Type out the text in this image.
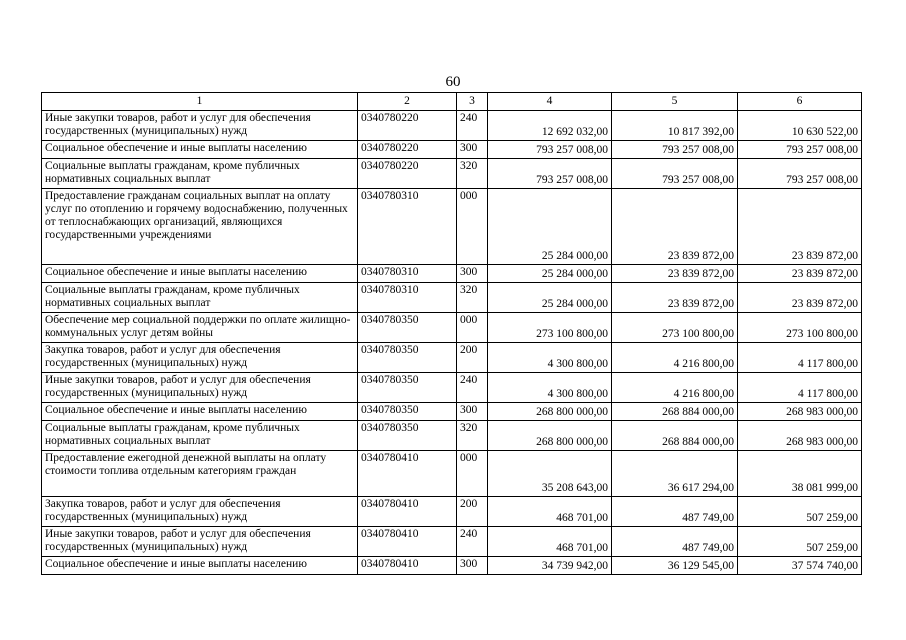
60
1	2	3	4	5	6
Иные закупки товаров, работ и услуг для обеспечения государственных (муниципальных) нужд	0340780220	240	12 692 032,00	10 817 392,00	10 630 522,00
Социальное обеспечение и иные выплаты населению	0340780220	300	793 257 008,00	793 257 008,00	793 257 008,00
Социальные выплаты гражданам, кроме публичных нормативных социальных выплат	0340780220	320	793 257 008,00	793 257 008,00	793 257 008,00
Предоставление гражданам социальных выплат на оплату услуг по отоплению и горячему водоснабжению, полученных от теплоснабжающих организаций, являющихся государственными учреждениями	0340780310	000	25 284 000,00	23 839 872,00	23 839 872,00
Социальное обеспечение и иные выплаты населению	0340780310	300	25 284 000,00	23 839 872,00	23 839 872,00
Социальные выплаты гражданам, кроме публичных нормативных социальных выплат	0340780310	320	25 284 000,00	23 839 872,00	23 839 872,00
Обеспечение мер социальной поддержки по оплате жилищно-коммунальных услуг детям войны	0340780350	000	273 100 800,00	273 100 800,00	273 100 800,00
Закупка товаров, работ и услуг для обеспечения государственных (муниципальных) нужд	0340780350	200	4 300 800,00	4 216 800,00	4 117 800,00
Иные закупки товаров, работ и услуг для обеспечения государственных (муниципальных) нужд	0340780350	240	4 300 800,00	4 216 800,00	4 117 800,00
Социальное обеспечение и иные выплаты населению	0340780350	300	268 800 000,00	268 884 000,00	268 983 000,00
Социальные выплаты гражданам, кроме публичных нормативных социальных выплат	0340780350	320	268 800 000,00	268 884 000,00	268 983 000,00
Предоставление ежегодной денежной выплаты на оплату стоимости топлива отдельным категориям граждан	0340780410	000	35 208 643,00	36 617 294,00	38 081 999,00
Закупка товаров, работ и услуг для обеспечения государственных (муниципальных) нужд	0340780410	200	468 701,00	487 749,00	507 259,00
Иные закупки товаров, работ и услуг для обеспечения государственных (муниципальных) нужд	0340780410	240	468 701,00	487 749,00	507 259,00
Социальное обеспечение и иные выплаты населению	0340780410	300	34 739 942,00	36 129 545,00	37 574 740,00
